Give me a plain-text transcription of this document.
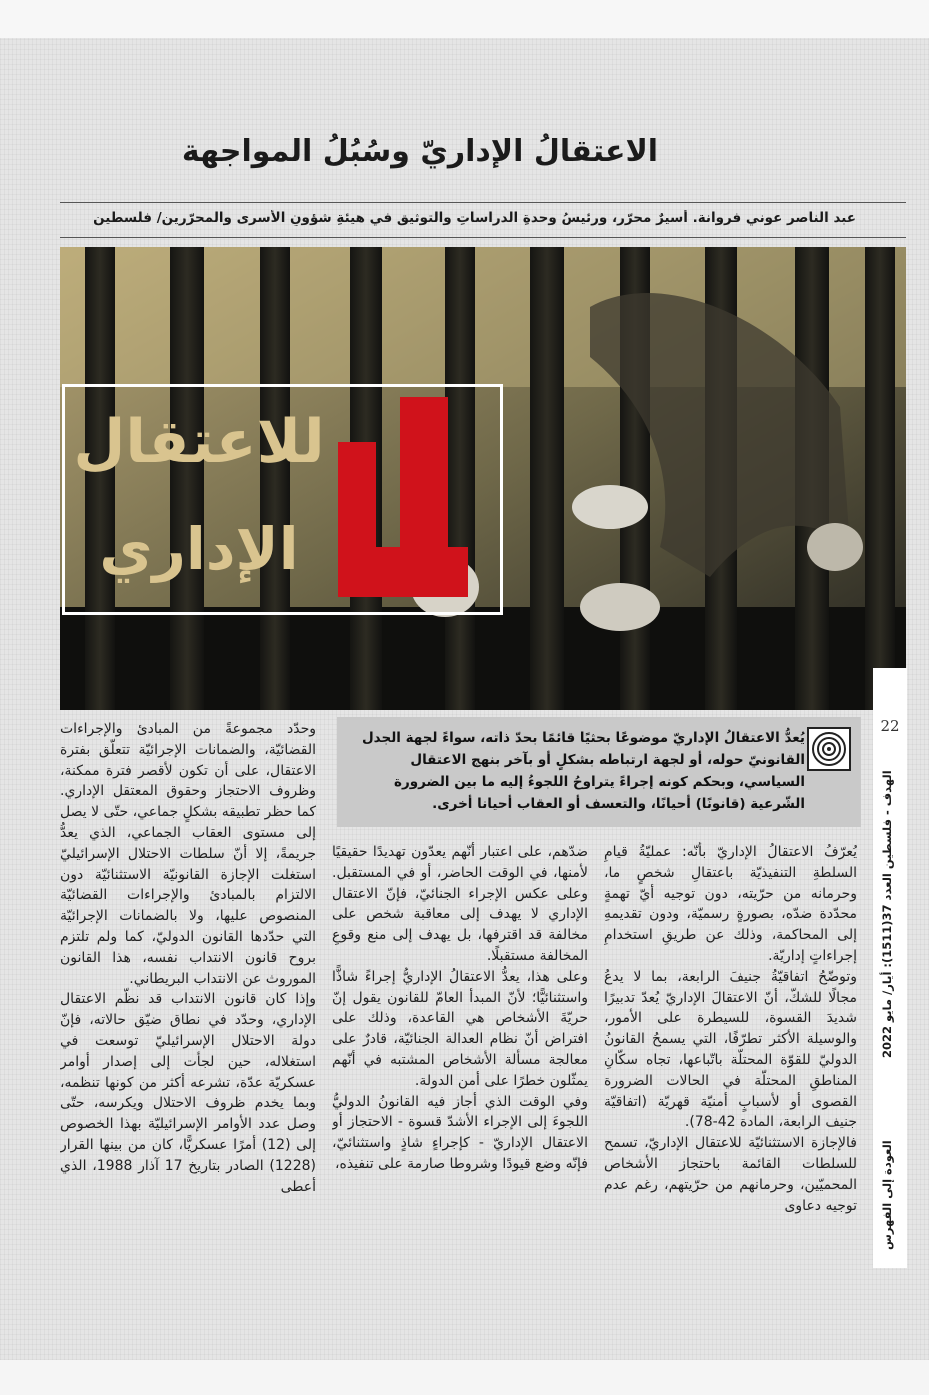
الاعتقالُ الإداريّ وسُبُلُ المواجهة
عبد الناصر عوني فروانة. أسيرٌ محرّر، ورئيسُ وحدةِ الدراساتِ والتوثيقِ في هيئةِ شؤونِ الأسرى والمحرّرين/ فلسطين
للاعتقال
الإداري
22
الهدف - فلسطين العدد 37(1511): أيار/ مايو 2022
العودة إلى الفهرس
يُعدُّ الاعتقالُ الإداريّ موضوعًا بحثيًا قائمًا بحدّ ذاته، سواءً لجهة الجدل القانونيّ حوله، أو لجهة ارتباطه بشكلٍ أو بآخر بنهج الاعتقال السياسي، وبحكم كونه إجراءً يتراوحُ اللجوءُ إليه ما بين الضرورة الشّرعية (قانونًا) أحيانًا، والتعسف أو العقاب أحيانا أخرى.

يُعرّفُ الاعتقالُ الإداريّ بأنّه: عمليّةُ قيامِ السلطةِ التنفيذيّة باعتقالِ شخصٍ ما، وحرمانه من حرّيته، دون توجيه أيّ تهمةٍ محدّدة ضدّه، بصورةٍ رسميّة، ودون تقديمهِ إلى المحاكمة، وذلك عن طريقِ استخدامِ إجراءاتٍ إداريّة.

وتوضّحُ اتفاقيّةُ جنيفَ الرابعة، بما لا يدعُ مجالًا للشكّ، أنّ الاعتقالَ الإداريّ يُعدّ تدبيرًا شديدَ القسوة، للسيطرة على الأمور، والوسيلة الأكثر تطرّفًا، التي يسمحُ القانونُ الدوليّ للقوّة المحتلّة باتّباعها، تجاه سكّانِ المناطقِ المحتلّة في الحالات الضرورة القصوى أو لأسبابٍ أمنيّة قهريّة (اتفاقيّة جنيف الرابعة، المادة 42-78).

فالإجازة الاستثنائيّة للاعتقال الإداريّ، تسمح للسلطات القائمة باحتجاز الأشخاص المحميّين، وحرمانهم من حرّيتهم، رغم عدم توجيه دعاوى

ضدّهم، على اعتبار أنّهم يعدّون تهديدًا حقيقيًا لأمنها، في الوقت الحاضر، أو في المستقبل. وعلى عكس الإجراء الجنائيّ، فإنّ الاعتقال الإداري لا يهدف إلى معاقبة شخص على مخالفة قد اقترفها، بل يهدف إلى منع وقوعِ المخالفة مستقبلًا.

وعلى هذا، يعدُّ الاعتقالُ الإداريُّ إجراءً شاذًّا واستثنائيًّا؛ لأنّ المبدأ العامّ للقانون يقول إنّ حريّةَ الأشخاص هي القاعدة، وذلك على افتراض أنّ نظام العدالة الجنائيّة، قادرٌ على معالجة مسألة الأشخاص المشتبه في أنّهم يمثّلون خطرًا على أمن الدولة.

وفي الوقت الذي أجاز فيه القانونُ الدوليُّ اللجوءَ إلى الإجراء الأشدّ قسوة - الاحتجاز أو الاعتقال الإداريّ - كإجراءٍ شاذٍ واستثنائيّ، فإنّه وضع قيودًا وشروطا صارمة على تنفيذه،

وحدّد مجموعةً من المبادئ والإجراءات القضائيّة، والضمانات الإجرائيّة تتعلّق بفترة الاعتقال، على أن تكون لأقصر فترة ممكنة، وظروف الاحتجاز وحقوق المعتقل الإداري. كما حظر تطبيقه بشكلٍ جماعي، حتّى لا يصل إلى مستوى العقاب الجماعي، الذي يعدُّ جريمةً، إلا أنّ سلطات الاحتلال الإسرائيليّ استغلت الإجازة القانونيّة الاستثنائيّة دون الالتزام بالمبادئ والإجراءات القضائيّة المنصوص عليها، ولا بالضمانات الإجرائيّة التي حدّدها القانون الدوليّ، كما ولم تلتزم بروح قانون الانتداب نفسه، هذا القانون الموروث عن الانتداب البريطاني.

وإذا كان قانون الانتداب قد نظّم الاعتقال الإداري، وحدّد في نطاق ضيّق حالاته، فإنّ دولة الاحتلال الإسرائيليّ توسعت في استغلاله، حين لجأت إلى إصدار أوامر عسكريّة عدّة، تشرعه أكثر من كونها تنظمه، وبما يخدم ظروف الاحتلال ويكرسه، حتّى وصل عدد الأوامر الإسرائيليّة بهذا الخصوص إلى (12) أمرًا عسكريًّا، كان من بينها القرار (1228) الصادر بتاريخ 17 آذار 1988، الذي أعطى
